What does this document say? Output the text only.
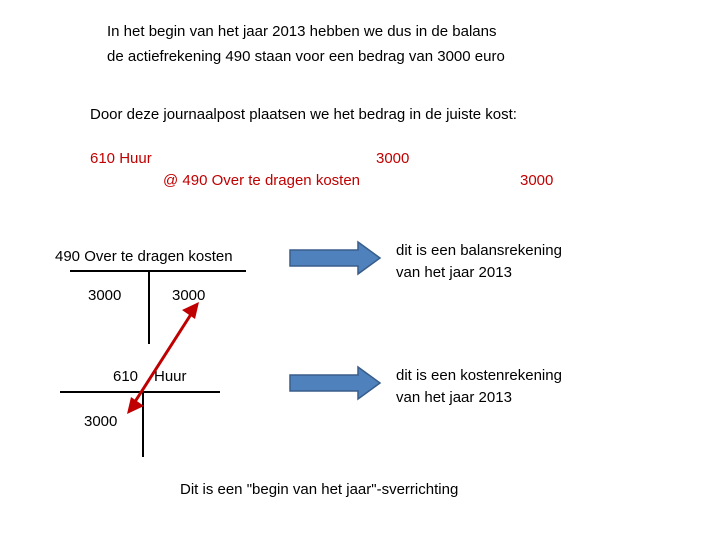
In het begin van het jaar 2013 hebben we dus in de balans
de actiefrekening 490 staan voor een bedrag van 3000 euro
Door deze journaalpost plaatsen we het bedrag in de juiste kost:
610 Huur	3000
@ 490 Over te dragen kosten	3000
490 Over te dragen kosten
3000	3000
610 Huur
3000
dit is een balansrekening
van het jaar 2013
dit is een kostenrekening
van het jaar 2013
Dit is een "begin van het jaar"-sverrichting
